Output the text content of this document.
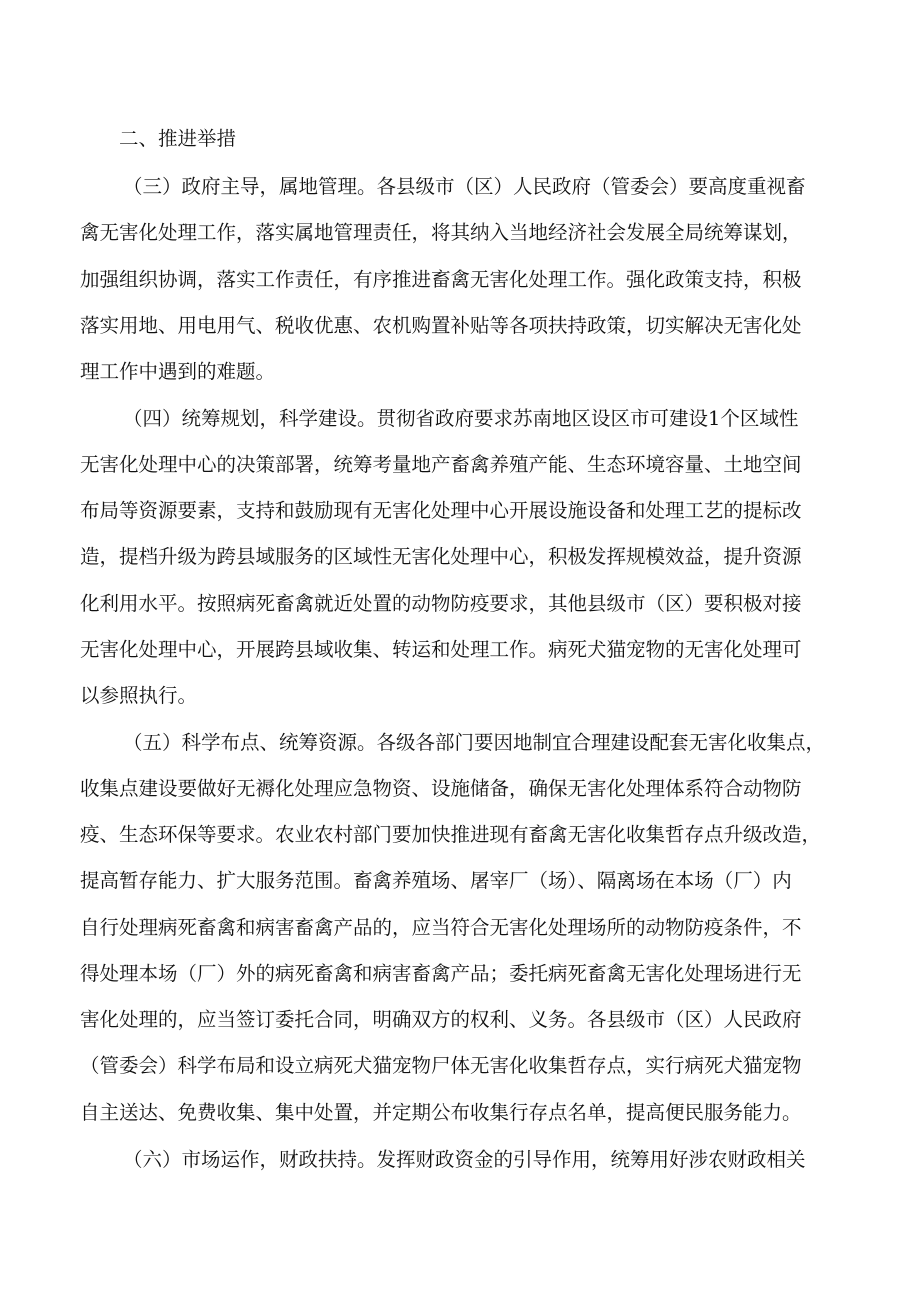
二、推进举措

（三）政府主导，属地管理。各县级市（区）人民政府（管委会）要高度重视畜

禽无害化处理工作，落实属地管理责任，将其纳入当地经济社会发展全局统筹谋划，

加强组织协调，落实工作责任，有序推进畜禽无害化处理工作。强化政策支持，积极

落实用地、用电用气、税收优惠、农机购置补贴等各项扶持政策，切实解决无害化处

理工作中遇到的难题。

（四）统筹规划，科学建设。贯彻省政府要求苏南地区设区市可建设1个区域性

无害化处理中心的决策部署，统筹考量地产畜禽养殖产能、生态环境容量、土地空间

布局等资源要素，支持和鼓励现有无害化处理中心开展设施设备和处理工艺的提标改

造，提档升级为跨县域服务的区域性无害化处理中心，积极发挥规模效益，提升资源

化利用水平。按照病死畜禽就近处置的动物防疫要求，其他县级市（区）要积极对接

无害化处理中心，开展跨县域收集、转运和处理工作。病死犬猫宠物的无害化处理可

以参照执行。

（五）科学布点、统筹资源。各级各部门要因地制宜合理建设配套无害化收集点，

收集点建设要做好无褥化处理应急物资、设施储备，确保无害化处理体系符合动物防

疫、生态环保等要求。农业农村部门要加快推进现有畜禽无害化收集哲存点升级改造，

提高暂存能力、扩大服务范围。畜禽养殖场、屠宰厂（场）、隔离场在本场（厂）内

自行处理病死畜禽和病害畜禽产品的，应当符合无害化处理场所的动物防疫条件，不

得处理本场（厂）外的病死畜禽和病害畜禽产品；委托病死畜禽无害化处理场进行无

害化处理的，应当签订委托合同，明确双方的权利、义务。各县级市（区）人民政府

（管委会）科学布局和设立病死犬猫宠物尸体无害化收集哲存点，实行病死犬猫宠物

自主送达、免费收集、集中处置，并定期公布收集行存点名单，提高便民服务能力。

（六）市场运作，财政扶持。发挥财政资金的引导作用，统筹用好涉农财政相关
